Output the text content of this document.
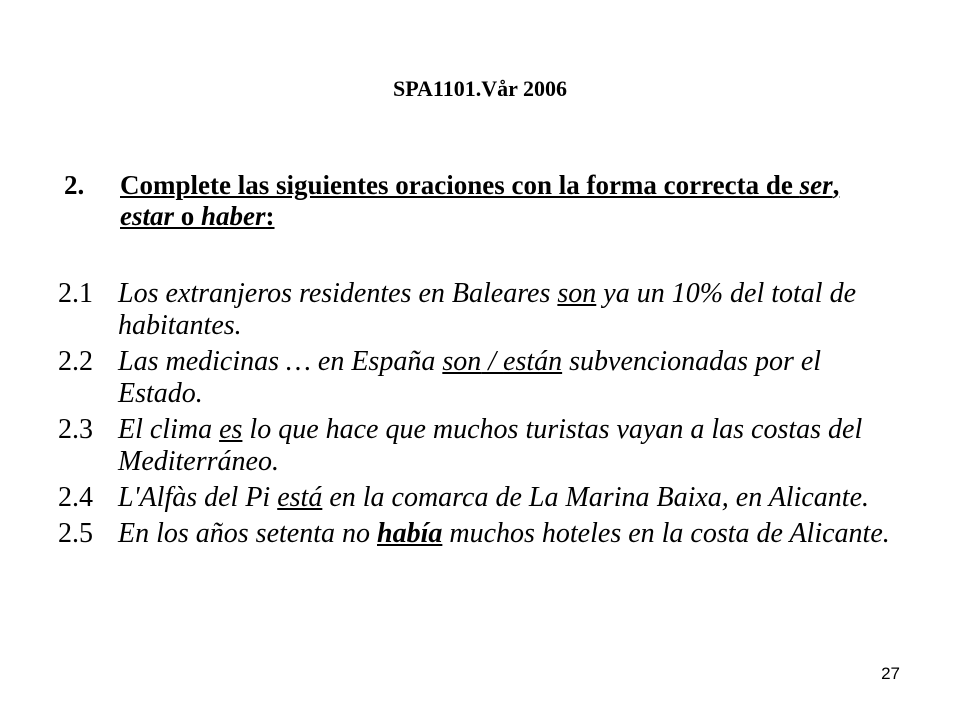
SPA1101.Vår 2006
2.	Complete las siguientes oraciones con la forma correcta de ser, estar o haber:
2.1 Los extranjeros residentes en Baleares son ya un 10% del total de habitantes.
2.2 Las medicinas … en España son / están subvencionadas por el Estado.
2.3 El clima es lo que hace que muchos turistas vayan a las costas del Mediterráneo.
2.4 L'Alfàs del Pi está en la comarca de La Marina Baixa, en Alicante.
2.5 En los años setenta no había muchos hoteles en la costa de Alicante.
27
